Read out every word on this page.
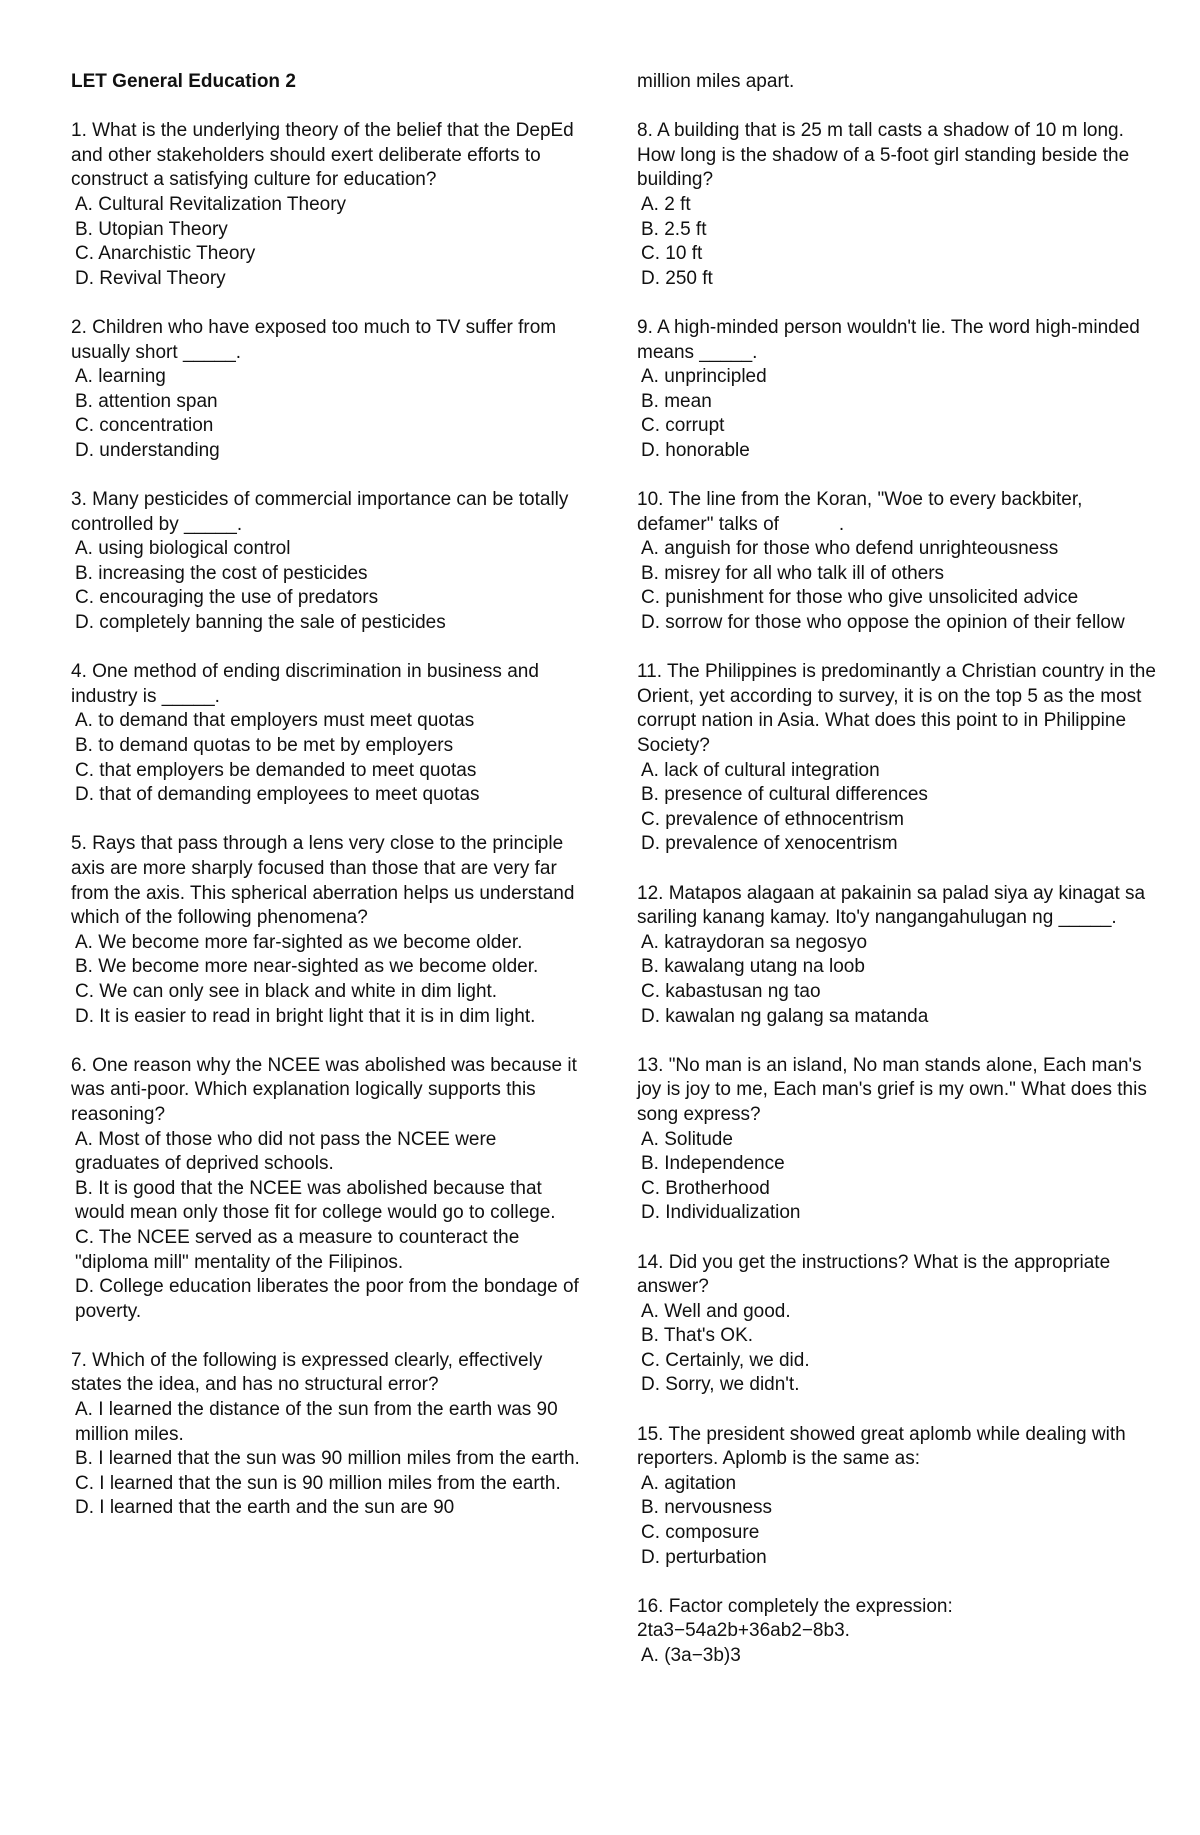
LET General Education 2

1. What is the underlying theory of the belief that the DepEd and other stakeholders should exert deliberate efforts to construct a satisfying culture for education?

A. Cultural Revitalization Theory

B. Utopian Theory

C. Anarchistic Theory

D. Revival Theory

2. Children who have exposed too much to TV suffer from usually short _____.

A. learning

B. attention span

C. concentration

D. understanding

3. Many pesticides of commercial importance can be totally controlled by _____.

A. using biological control

B. increasing the cost of pesticides

C. encouraging the use of predators

D. completely banning the sale of pesticides

4. One method of ending discrimination in business and industry is _____.

A. to demand that employers must meet quotas

B. to demand quotas to be met by employers

C. that employers be demanded to meet quotas

D. that of demanding employees to meet quotas

5. Rays that pass through a lens very close to the principle axis are more sharply focused than those that are very far from the axis. This spherical aberration helps us understand which of the following phenomena?

A. We become more far-sighted as we become older.

B. We become more near-sighted as we become older.

C. We can only see in black and white in dim light.

D. It is easier to read in bright light that it is in dim light.

6. One reason why the NCEE was abolished was because it was anti-poor. Which explanation logically supports this reasoning?

A. Most of those who did not pass the NCEE were graduates of deprived schools.

B. It is good that the NCEE was abolished because that would mean only those fit for college would go to college.

C. The NCEE served as a measure to counteract the "diploma mill" mentality of the Filipinos.

D. College education liberates the poor from the bondage of poverty.

7. Which of the following is expressed clearly, effectively states the idea, and has no structural error?

A. I learned the distance of the sun from the earth was 90 million miles.

B. I learned that the sun was 90 million miles from the earth.

C. I learned that the sun is 90 million miles from the earth.

D. I learned that the earth and the sun are 90

million miles apart.

8. A building that is 25 m tall casts a shadow of 10 m long. How long is the shadow of a 5-foot girl standing beside the building?

A. 2 ft

B. 2.5 ft

C. 10 ft

D. 250 ft

9. A high-minded person wouldn't lie. The word high-minded means _____.

A. unprincipled

B. mean

C. corrupt

D. honorable

10. The line from the Koran, "Woe to every backbiter, defamer" talks of	.

A. anguish for those who defend unrighteousness

B. misrey for all who talk ill of others

C. punishment for those who give unsolicited advice

D. sorrow for those who oppose the opinion of their fellow

11. The Philippines is predominantly a Christian country in the Orient, yet according to survey, it is on the top 5 as the most corrupt nation in Asia. What does this point to in Philippine Society?

A. lack of cultural integration

B. presence of cultural differences

C. prevalence of ethnocentrism

D. prevalence of xenocentrism

12. Matapos alagaan at pakainin sa palad siya ay kinagat sa sariling kanang kamay. Ito'y nangangahulugan ng _____.

A. katraydoran sa negosyo

B. kawalang utang na loob

C. kabastusan ng tao

D. kawalan ng galang sa matanda

13. "No man is an island, No man stands alone, Each man's joy is joy to me, Each man's grief is my own." What does this song express?

A. Solitude

B. Independence

C. Brotherhood

D. Individualization

14. Did you get the instructions? What is the appropriate answer?

A. Well and good.

B. That's OK.

C. Certainly, we did.

D. Sorry, we didn't.

15. The president showed great aplomb while dealing with reporters. Aplomb is the same as:

A. agitation

B. nervousness

C. composure

D. perturbation

16. Factor completely the expression: 2ta3−54a2b+36ab2−8b3.

A. (3a−3b)3
